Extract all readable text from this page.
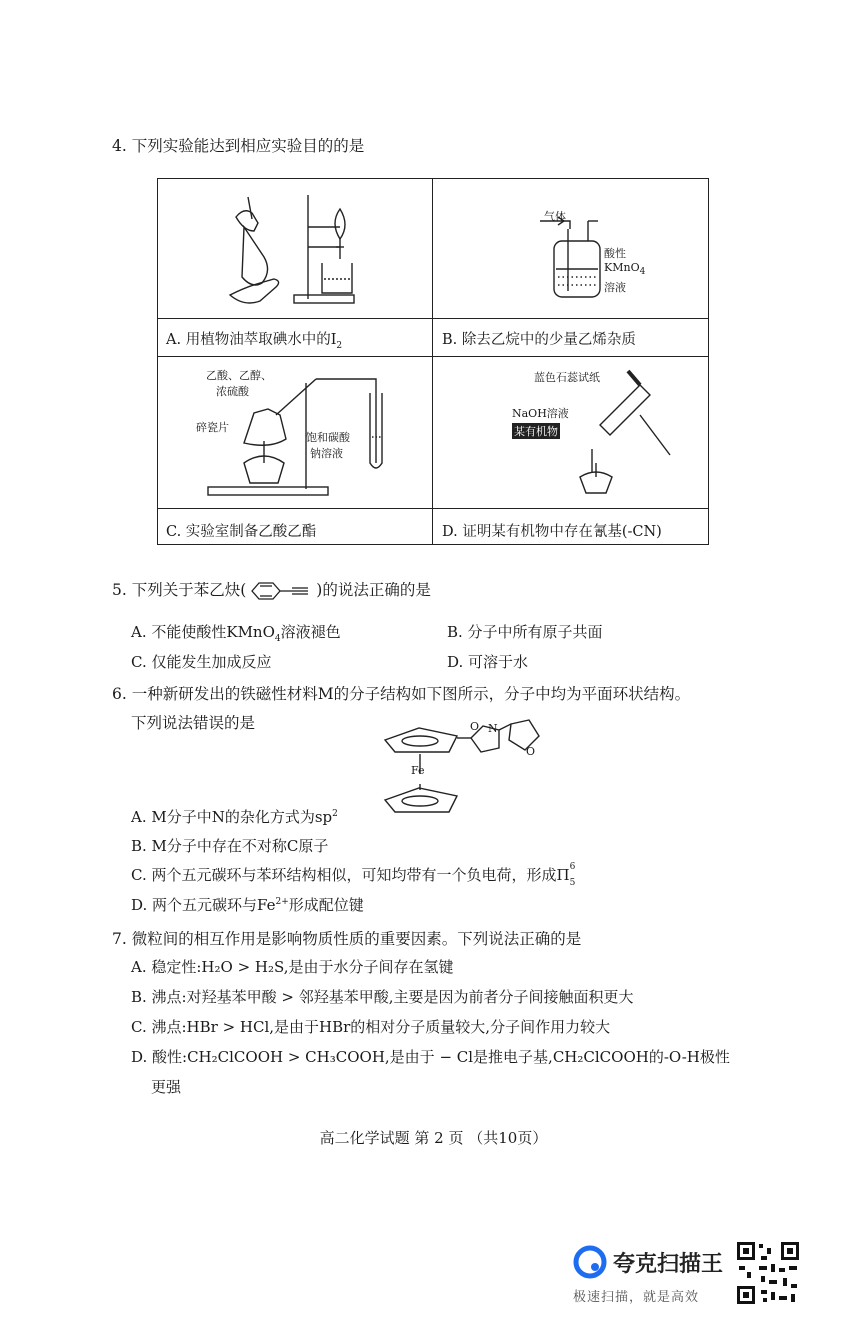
4. 下列实验能达到相应实验目的的是
气体
酸性
KMnO$_4$
溶液
A. 用植物油萃取碘水中的$I_2$	B. 除去乙烷中的少量乙烯杂质
乙酸、乙醇、
浓硫酸
碎瓷片
饱和碳酸
钠溶液
蓝色石蕊试纸
NaOH溶液
某有机物
C. 实验室制备乙酸乙酯	D. 证明某有机物中存在氰基(-CN)
5. 下列关于苯乙炔(	)的说法正确的是
A. 不能使酸性KMnO$_4$溶液褪色	B. 分子中所有原子共面
C. 仅能发生加成反应	D. 可溶于水
6. 一种新研发出的铁磁性材料M的分子结构如下图所示，分子中均为平面环状结构。
下列说法错误的是
Fe
O N
O
A. M分子中N的杂化方式为$sp^2$
B. M分子中存在不对称C原子
C. 两个五元碳环与苯环结构相似，可知均带有一个负电荷，形成Π 6
5
D. 两个五元碳环与$Fe^{2+}$形成配位键
7. 微粒间的相互作用是影响物质性质的重要因素。下列说法正确的是
A. 稳定性:H₂O > H₂S,是由于水分子间存在氢键
B. 沸点:对羟基苯甲酸 > 邻羟基苯甲酸,主要是因为前者分子间接触面积更大
C. 沸点:HBr > HCl,是由于HBr的相对分子质量较大,分子间作用力较大
D. 酸性:CH₂ClCOOH > CH₃COOH,是由于 − Cl是推电子基,CH₂ClCOOH的-O-H极性
更强
高二化学试题 第 2 页 （共10页）
夸克扫描王
极速扫描，就是高效
